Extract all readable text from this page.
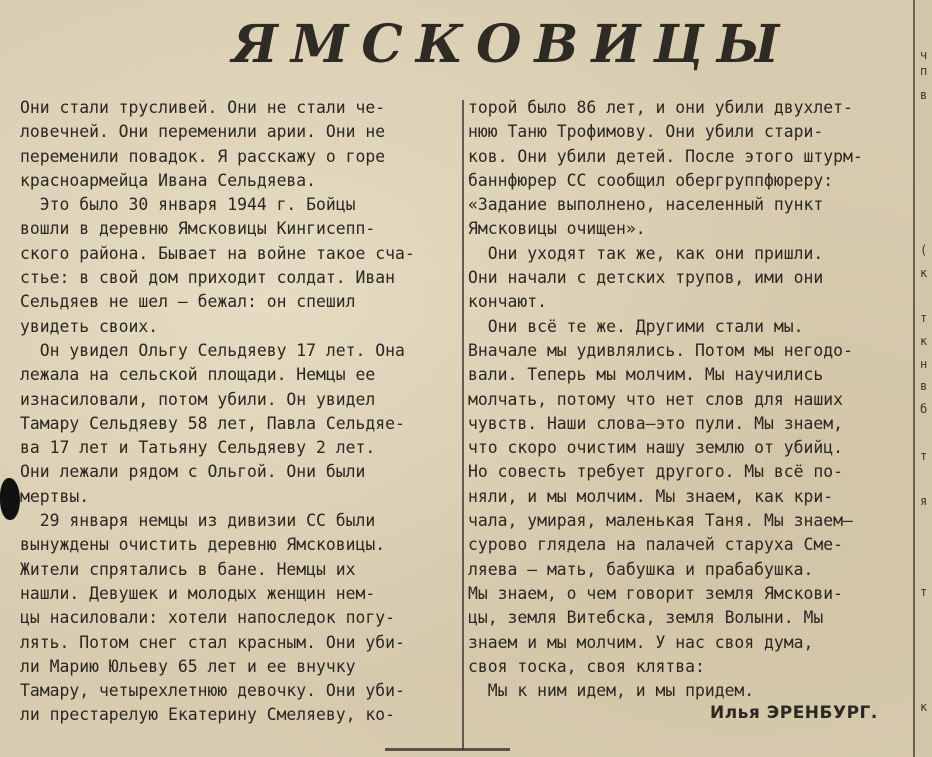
ЯМСКОВИЦЫ
Они стали трусливей. Они не стали че-
ловечней. Они переменили арии. Они не
переменили повадок. Я расскажу о горе
красноармейца Ивана Сельдяева.
Это было 30 января 1944 г. Бойцы
вошли в деревню Ямсковицы Кингисепп-
ского района. Бывает на войне такое сча-
стье: в свой дом приходит солдат. Иван
Сельдяев не шел — бежал: он спешил
увидеть своих.
Он увидел Ольгу Сельдяеву 17 лет. Она
лежала на сельской площади. Немцы ее
изнасиловали, потом убили. Он увидел
Тамару Сельдяеву 58 лет, Павла Сельдяе-
ва 17 лет и Татьяну Сельдяеву 2 лет.
Они лежали рядом с Ольгой. Они были
мертвы.
29 января немцы из дивизии СС были
вынуждены очистить деревню Ямсковицы.
Жители спрятались в бане. Немцы их
нашли. Девушек и молодых женщин нем-
цы насиловали: хотели напоследок погу-
лять. Потом снег стал красным. Они уби-
ли Марию Юльеву 65 лет и ее внучку
Тамару, четырехлетнюю девочку. Они уби-
ли престарелую Екатерину Смеляеву, ко-
торой было 86 лет, и они убили двухлет-
нюю Таню Трофимову. Они убили стари-
ков. Они убили детей. После этого штурм-
баннфюрер СС сообщил обергруппфюреру:
«Задание выполнено, населенный пункт
Ямсковицы очищен».
Они уходят так же, как они пришли.
Они начали с детских трупов, ими они
кончают.
Они всё те же. Другими стали мы.
Вначале мы удивлялись. Потом мы негодо-
вали. Теперь мы молчим. Мы научились
молчать, потому что нет слов для наших
чувств. Наши слова—это пули. Мы знаем,
что скоро очистим нашу землю от убийц.
Но совесть требует другого. Мы всё по-
няли, и мы молчим. Мы знаем, как кри-
чала, умирая, маленькая Таня. Мы знаем—
сурово глядела на палачей старуха Сме-
ляева — мать, бабушка и прабабушка.
Мы знаем, о чем говорит земля Ямскови-
цы, земля Витебска, земля Волыни. Мы
знаем и мы молчим. У нас своя дума,
своя тоска, своя клятва:
Мы к ним идем, и мы придем.
Илья ЭРЕНБУРГ.
ч
п
в
(
к
т
к
н
в
б
т
я
т
к
